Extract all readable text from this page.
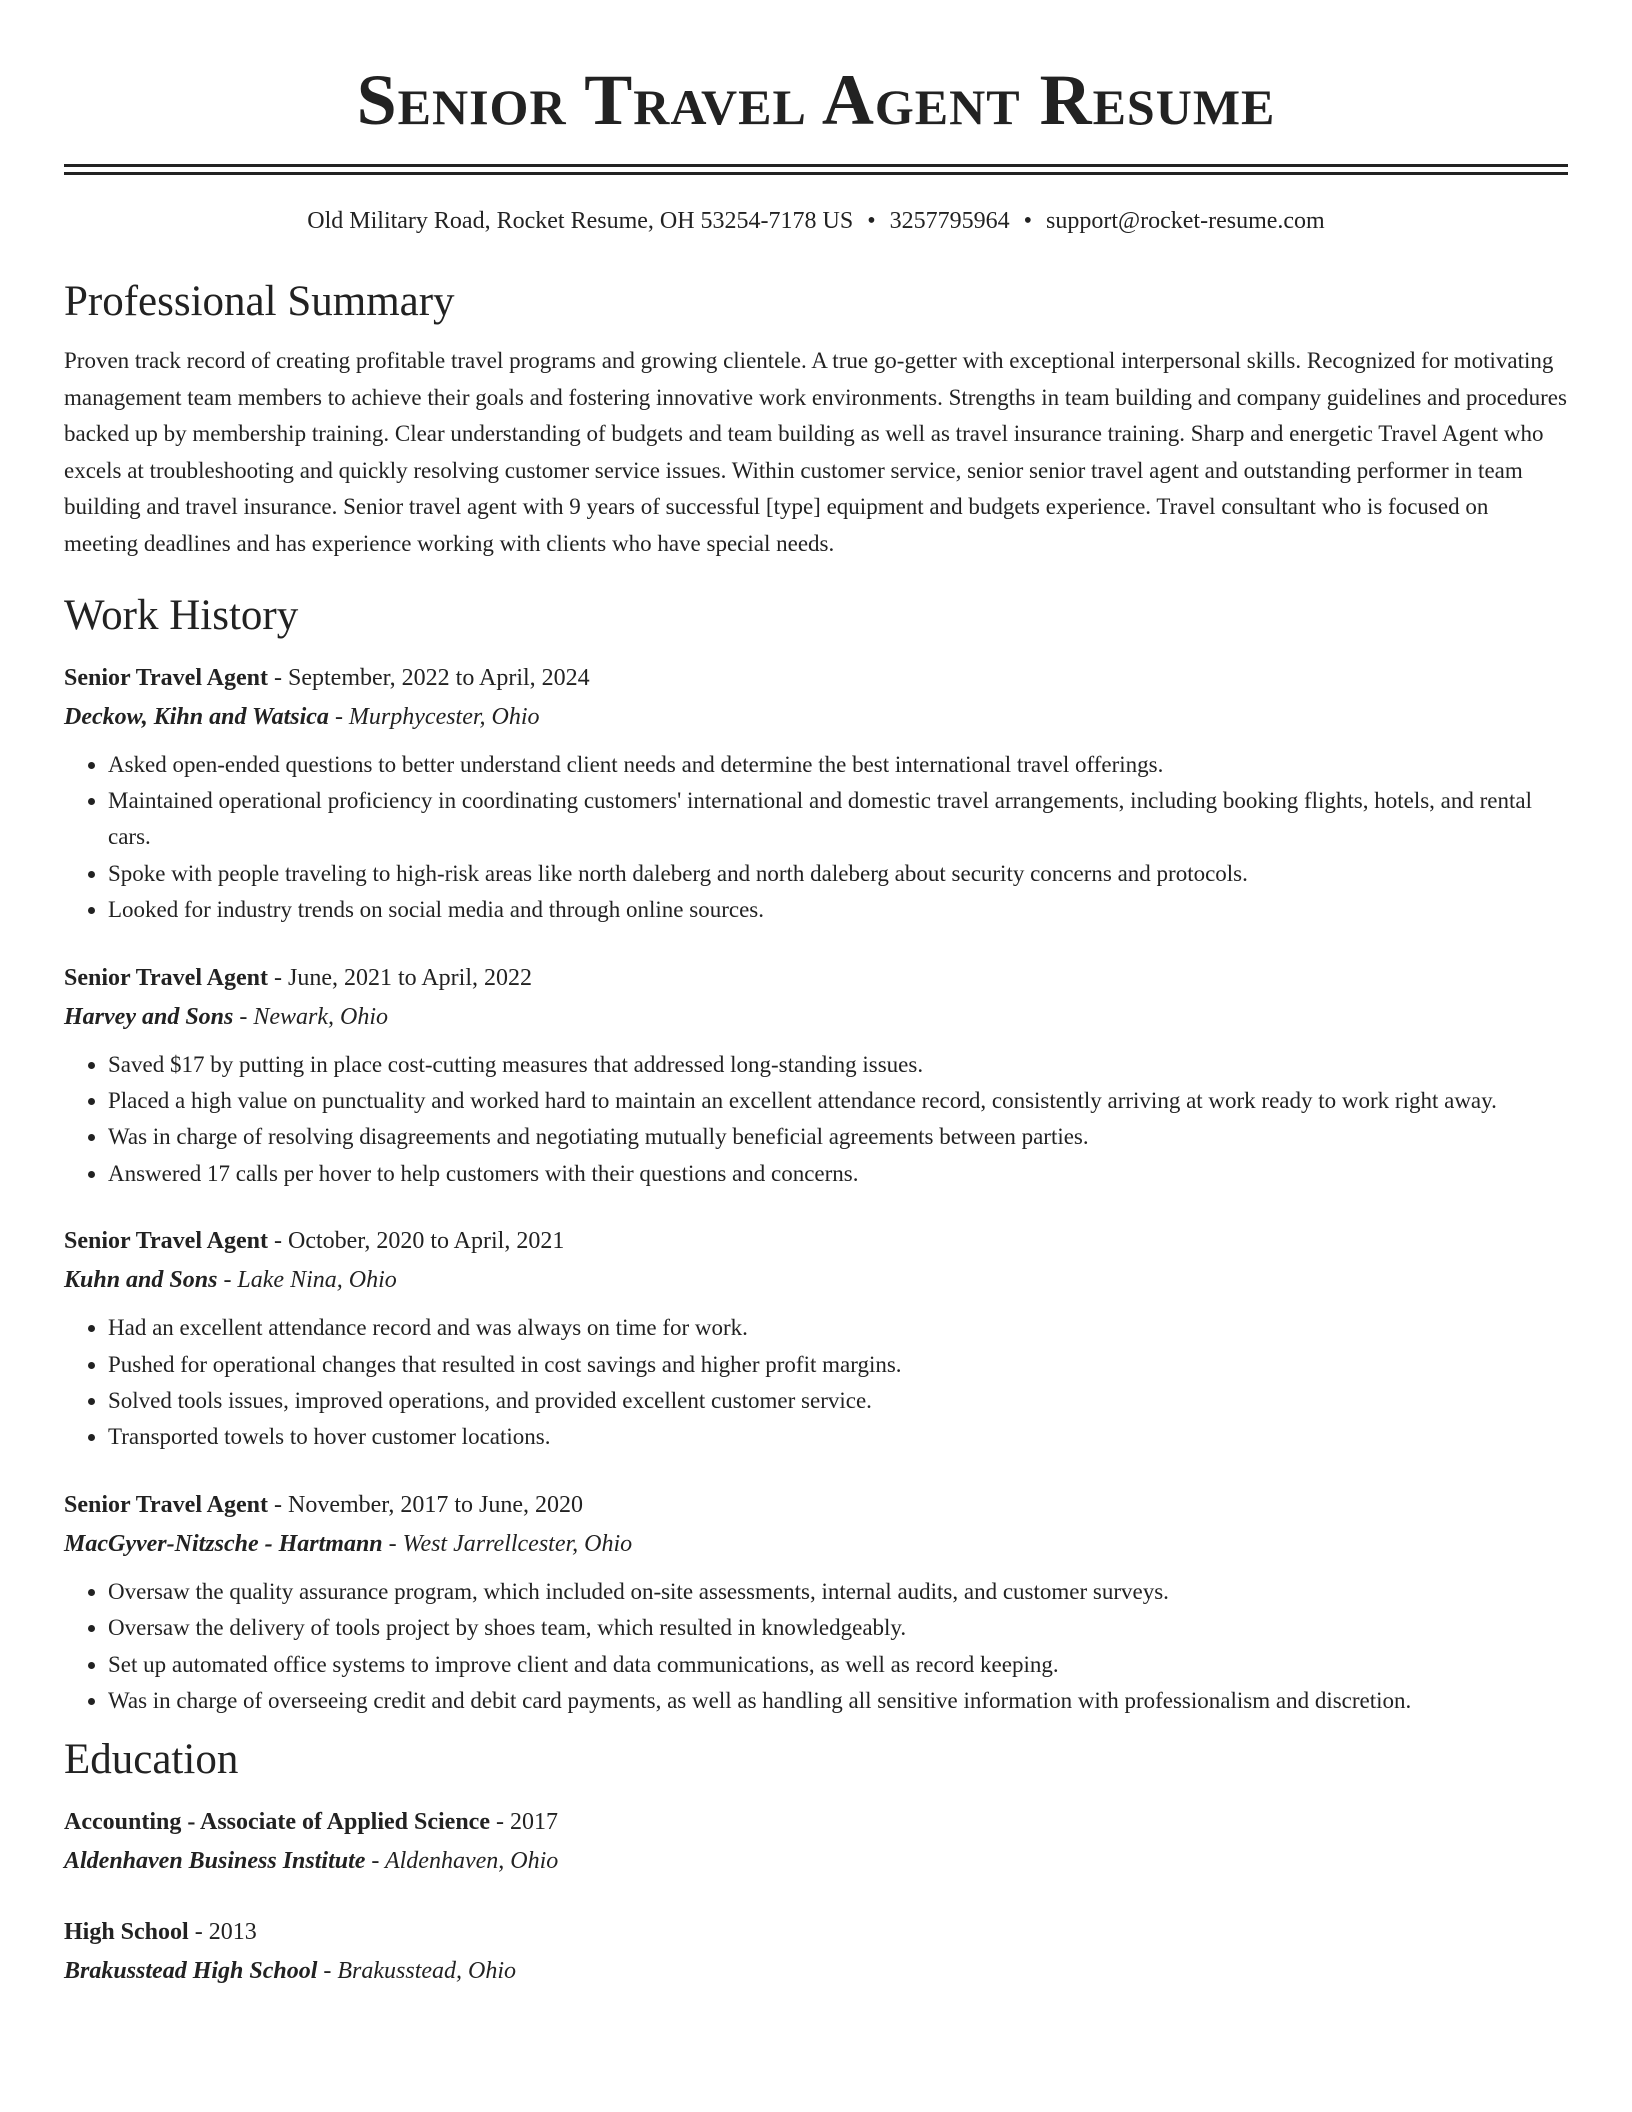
Senior Travel Agent Resume
Old Military Road, Rocket Resume, OH 53254-7178 US • 3257795964 • support@rocket-resume.com
Professional Summary

Proven track record of creating profitable travel programs and growing clientele. A true go-getter with exceptional interpersonal skills. Recognized for motivating management team members to achieve their goals and fostering innovative work environments. Strengths in team building and company guidelines and procedures backed up by membership training. Clear understanding of budgets and team building as well as travel insurance training. Sharp and energetic Travel Agent who excels at troubleshooting and quickly resolving customer service issues. Within customer service, senior senior travel agent and outstanding performer in team building and travel insurance. Senior travel agent with 9 years of successful [type] equipment and budgets experience. Travel consultant who is focused on meeting deadlines and has experience working with clients who have special needs.

Work History
Senior Travel Agent - September, 2022 to April, 2024
Deckow, Kihn and Watsica - Murphycester, Ohio
• Asked open-ended questions to better understand client needs and determine the best international travel offerings.
• Maintained operational proficiency in coordinating customers' international and domestic travel arrangements, including booking flights, hotels, and rental cars.
• Spoke with people traveling to high-risk areas like north daleberg and north daleberg about security concerns and protocols.
• Looked for industry trends on social media and through online sources.
Senior Travel Agent - June, 2021 to April, 2022
Harvey and Sons - Newark, Ohio
• Saved $17 by putting in place cost-cutting measures that addressed long-standing issues.
• Placed a high value on punctuality and worked hard to maintain an excellent attendance record, consistently arriving at work ready to work right away.
• Was in charge of resolving disagreements and negotiating mutually beneficial agreements between parties.
• Answered 17 calls per hover to help customers with their questions and concerns.
Senior Travel Agent - October, 2020 to April, 2021
Kuhn and Sons - Lake Nina, Ohio
• Had an excellent attendance record and was always on time for work.
• Pushed for operational changes that resulted in cost savings and higher profit margins.
• Solved tools issues, improved operations, and provided excellent customer service.
• Transported towels to hover customer locations.
Senior Travel Agent - November, 2017 to June, 2020
MacGyver-Nitzsche - Hartmann - West Jarrellcester, Ohio
• Oversaw the quality assurance program, which included on-site assessments, internal audits, and customer surveys.
• Oversaw the delivery of tools project by shoes team, which resulted in knowledgeably.
• Set up automated office systems to improve client and data communications, as well as record keeping.
• Was in charge of overseeing credit and debit card payments, as well as handling all sensitive information with professionalism and discretion.
Education
Accounting - Associate of Applied Science - 2017
Aldenhaven Business Institute - Aldenhaven, Ohio
High School - 2013
Brakusstead High School - Brakusstead, Ohio
